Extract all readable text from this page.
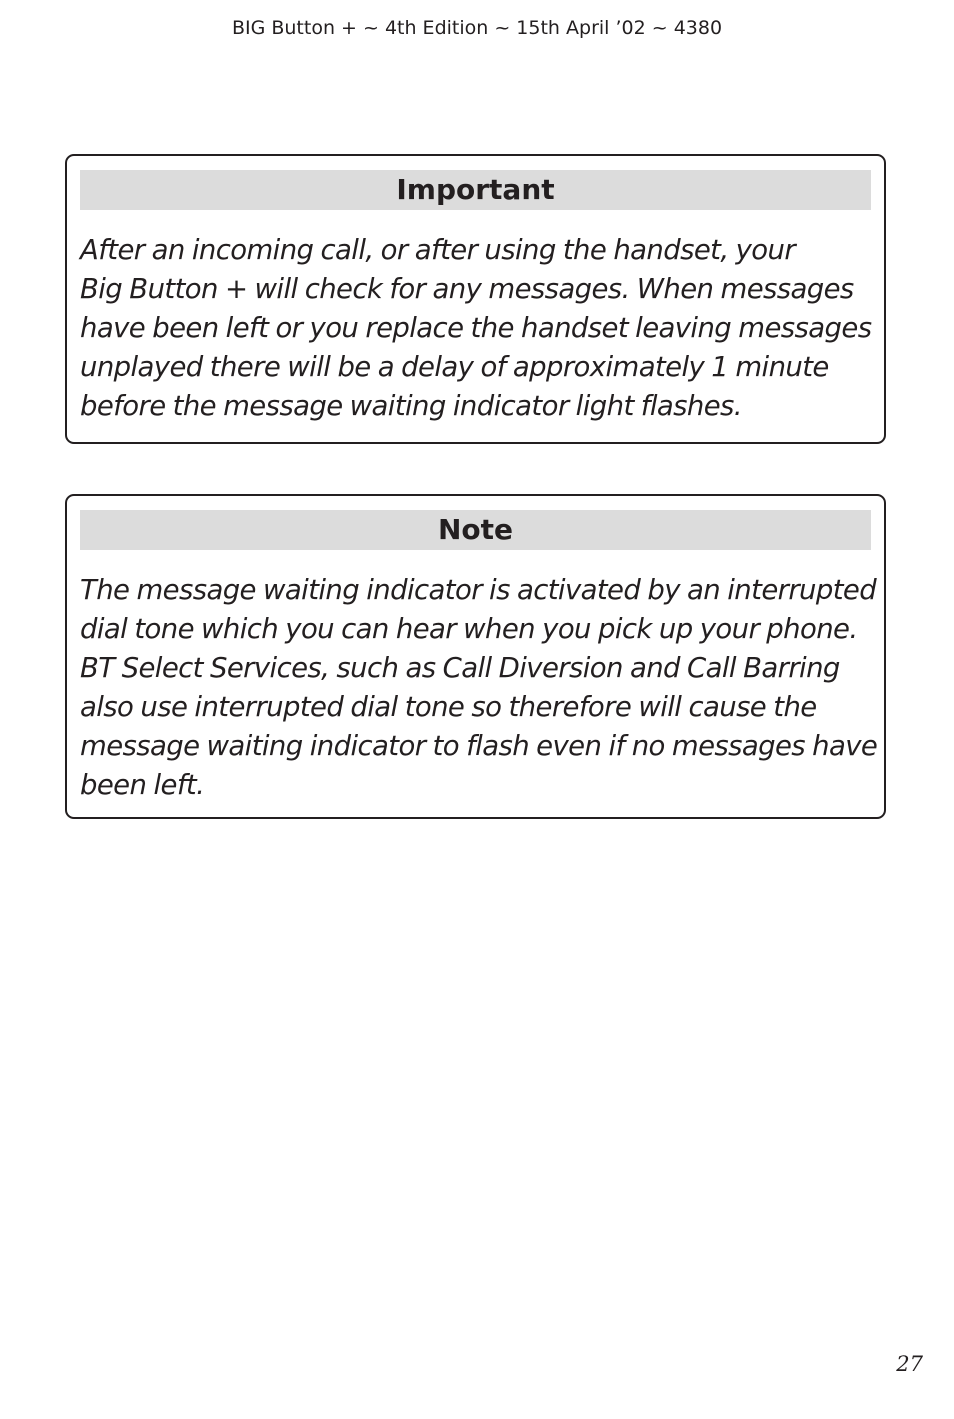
BIG Button + ~ 4th Edition ~ 15th April ’02 ~ 4380
Important

After an incoming call, or after using the handset, your
Big Button + will check for any messages. When messages
have been left or you replace the handset leaving messages
unplayed there will be a delay of approximately 1 minute
before the message waiting indicator light flashes.

Note

The message waiting indicator is activated by an interrupted
dial tone which you can hear when you pick up your phone.
BT Select Services, such as Call Diversion and Call Barring
also use interrupted dial tone so therefore will cause the
message waiting indicator to flash even if no messages have
been left.

27
